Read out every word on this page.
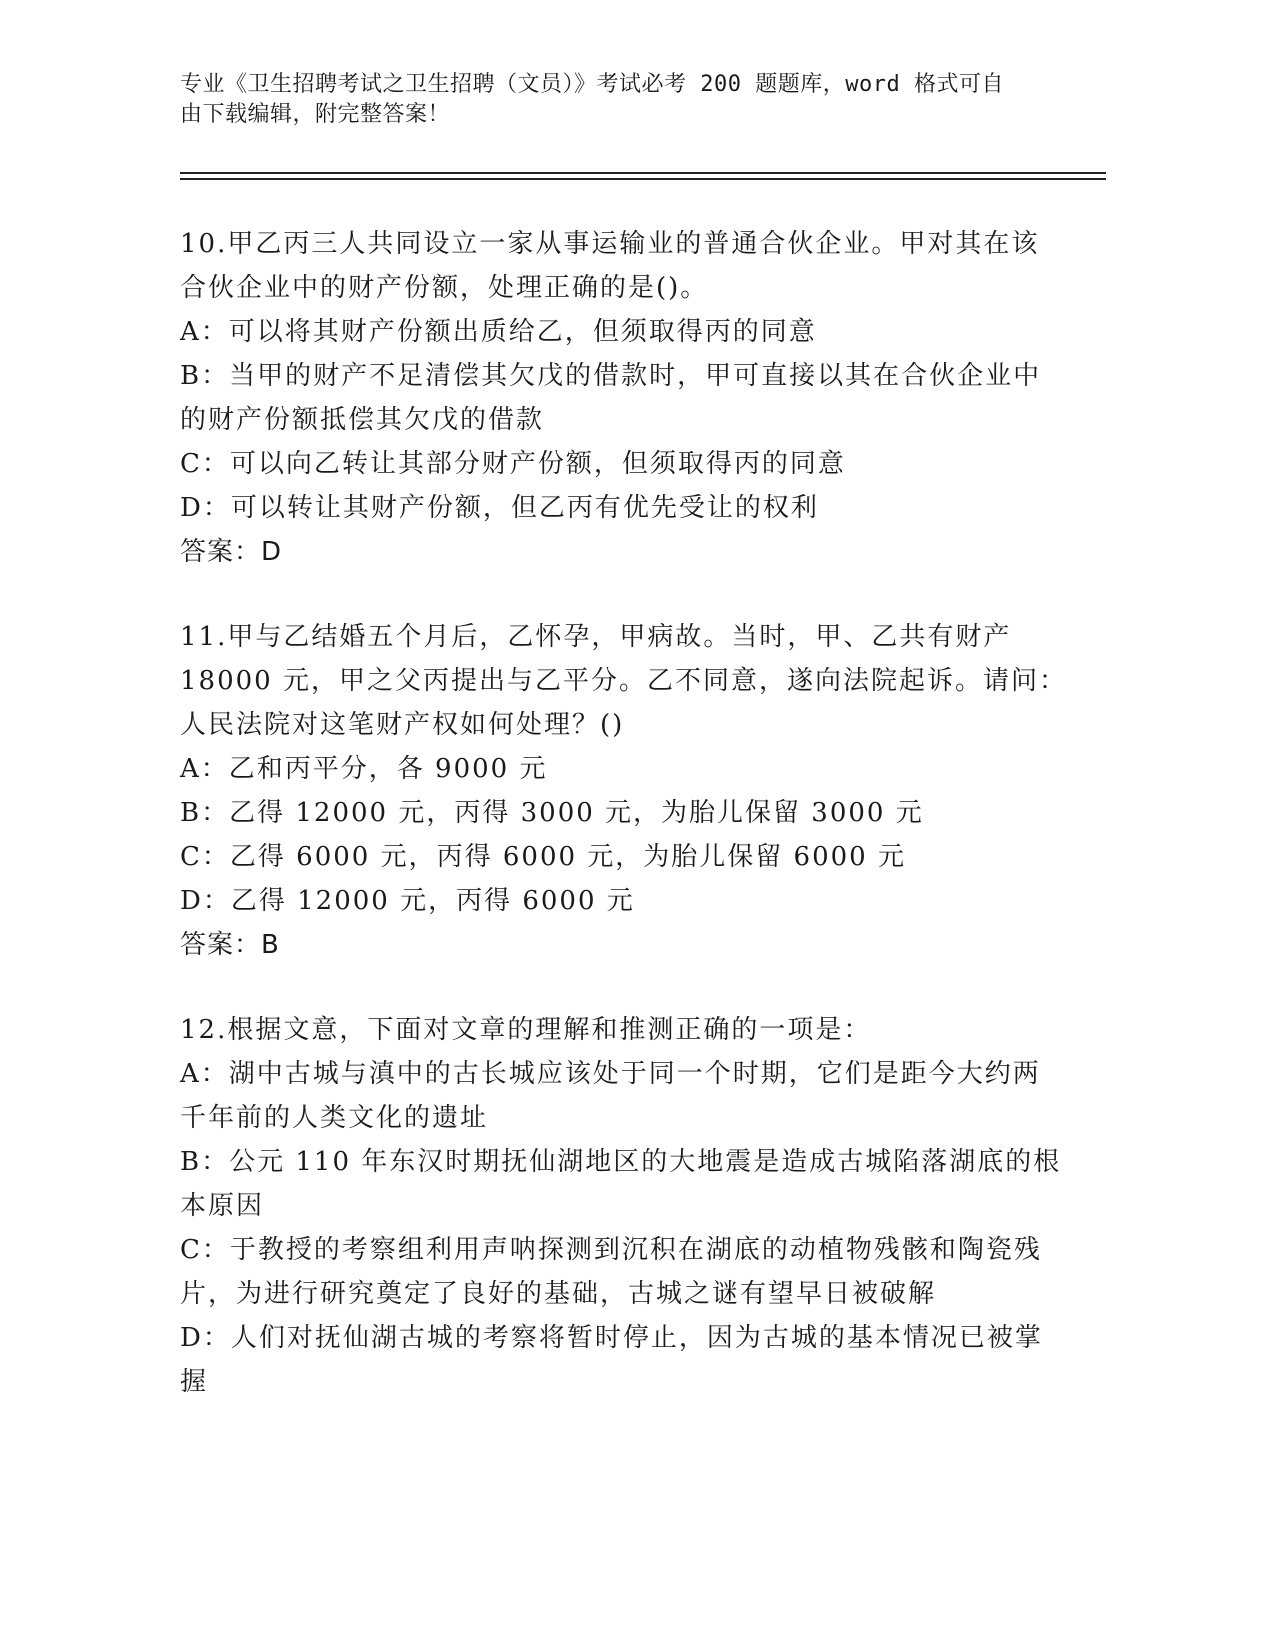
专业《卫生招聘考试之卫生招聘（文员）》考试必考 200 题题库，word 格式可自
由下载编辑，附完整答案！
10.甲乙丙三人共同设立一家从事运输业的普通合伙企业。甲对其在该
合伙企业中的财产份额，处理正确的是()。
A：可以将其财产份额出质给乙，但须取得丙的同意
B：当甲的财产不足清偿其欠戊的借款时，甲可直接以其在合伙企业中
的财产份额抵偿其欠戊的借款
C：可以向乙转让其部分财产份额，但须取得丙的同意
D：可以转让其财产份额，但乙丙有优先受让的权利
答案：D
11.甲与乙结婚五个月后，乙怀孕，甲病故。当时，甲、乙共有财产
18000 元，甲之父丙提出与乙平分。乙不同意，遂向法院起诉。请问：
人民法院对这笔财产权如何处理？()
A：乙和丙平分，各 9000 元
B：乙得 12000 元，丙得 3000 元，为胎儿保留 3000 元
C：乙得 6000 元，丙得 6000 元，为胎儿保留 6000 元
D：乙得 12000 元，丙得 6000 元
答案：B
12.根据文意，下面对文章的理解和推测正确的一项是：
A：湖中古城与滇中的古长城应该处于同一个时期，它们是距今大约两
千年前的人类文化的遗址
B：公元 110 年东汉时期抚仙湖地区的大地震是造成古城陷落湖底的根
本原因
C：于教授的考察组利用声呐探测到沉积在湖底的动植物残骸和陶瓷残
片，为进行研究奠定了良好的基础，古城之谜有望早日被破解
D：人们对抚仙湖古城的考察将暂时停止，因为古城的基本情况已被掌
握
